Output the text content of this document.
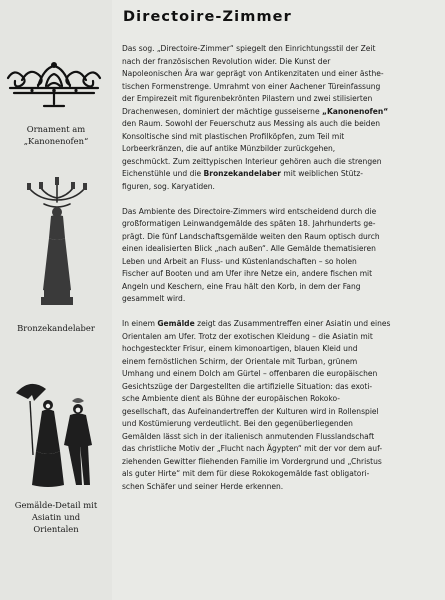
Ornament am
„Kanonenofen“
Bronzekandelaber
Gemälde-Detail mit
Asiatin und
Orientalen
Directoire-Zimmer
Das sog. „Directoire-Zimmer“ spiegelt den Einrichtungsstil der Zeit
nach der französischen Revolution wider. Die Kunst der
Napoleonischen Ära war geprägt von Antikenzitaten und einer ästhe-
tischen Formenstrenge. Umrahmt von einer Aachener Türeinfassung
der Empirezeit mit figurenbekrönten Pilastern und zwei stilisierten
Drachenwesen, dominiert der mächtige gusseiserne „Kanonenofen“
den Raum. Sowohl der Feuerschutz aus Messing als auch die beiden
Konsoltische sind mit plastischen Profilköpfen, zum Teil mit
Lorbeerkränzen, die auf antike Münzbilder zurückgehen,
geschmückt. Zum zeittypischen Interieur gehören auch die strengen
Eichenstühle und die Bronzekandelaber mit weiblichen Stütz-
figuren, sog. Karyatiden.
Das Ambiente des Directoire-Zimmers wird entscheidend durch die
großformatigen Leinwandgemälde des späten 18. Jahrhunderts ge-
prägt. Die fünf Landschaftsgemälde weiten den Raum optisch durch
einen idealisierten Blick „nach außen“. Alle Gemälde thematisieren
Leben und Arbeit an Fluss- und Küstenlandschaften – so holen
Fischer auf Booten und am Ufer ihre Netze ein, andere fischen mit
Angeln und Keschern, eine Frau hält den Korb, in dem der Fang
gesammelt wird.
In einem Gemälde zeigt das Zusammentreffen einer Asiatin und eines
Orientalen am Ufer. Trotz der exotischen Kleidung – die Asiatin mit
hochgesteckter Frisur, einem kimonoartigen, blauen Kleid und
einem fernöstlichen Schirm, der Orientale mit Turban, grünem
Umhang und einem Dolch am Gürtel – offenbaren die europäischen
Gesichtszüge der Dargestellten die artifizielle Situation: das exoti-
sche Ambiente dient als Bühne der europäischen Rokoko-
gesellschaft, das Aufeinandertreffen der Kulturen wird in Rollenspiel
und Kostümierung verdeutlicht. Bei den gegenüberliegenden
Gemälden lässt sich in der italienisch anmutenden Flusslandschaft
das christliche Motiv der „Flucht nach Ägypten“ mit der vor dem auf-
ziehenden Gewitter fliehenden Familie im Vordergrund und „Christus
als guter Hirte“ mit dem für diese Rokokogemälde fast obligatori-
schen Schäfer und seiner Herde erkennen.
